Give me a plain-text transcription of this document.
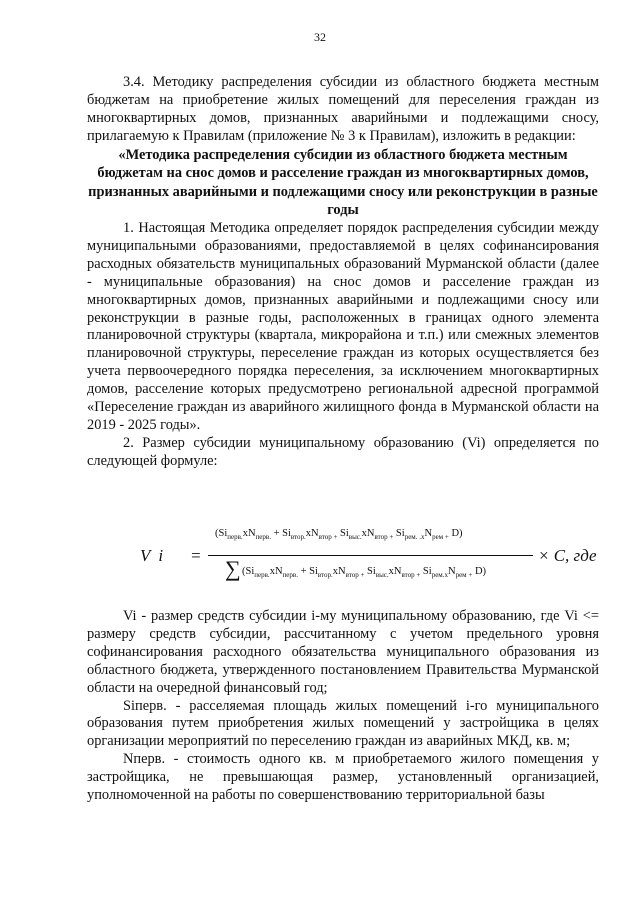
32

3.4. Методику распределения субсидии из областного бюджета местным бюджетам на приобретение жилых помещений для переселения граждан из многоквартирных домов, признанных аварийными и подлежащими сносу, прилагаемую к Правилам (приложение № 3 к Правилам), изложить в редакции:

«Методика распределения субсидии из областного бюджета местным бюджетам на снос домов и расселение граждан из многоквартирных домов, признанных аварийными и подлежащими сносу или реконструкции в разные годы

1. Настоящая Методика определяет порядок распределения субсидии между муниципальными образованиями, предоставляемой в целях софинансирования расходных обязательств муниципальных образований Мурманской области (далее - муниципальные образования) на снос домов и расселение граждан из многоквартирных домов, признанных аварийными и подлежащими сносу или реконструкции в разные годы, расположенных в границах одного элемента планировочной структуры (квартала, микрорайона и т.п.) или смежных элементов планировочной структуры, переселение граждан из которых осуществляется без учета первоочередного порядка переселения, за исключением многоквартирных домов, расселение которых предусмотрено региональной адресной программой «Переселение граждан из аварийного жилищного фонда в Мурманской области на 2019 - 2025 годы».

2. Размер субсидии муниципальному образованию (Vi) определяется по следующей формуле:

V i =
($Si_{перв.}xN_{перв.} + Si_{втор.}xN_{втор +}$ $Si_{выс.}xN_{втор +}$ $Si_{рем. .x}N_{рем +}$ D)
∑ ($Si_{перв.}xN_{перв.} + Si_{втор.}xN_{втор +}$ $Si_{выс.}xN_{втор +}$ $Si_{рем.x}N_{рем +}$ D)
× C, где

Vi - размер средств субсидии i-му муниципальному образованию, где Vi <= размеру средств субсидии, рассчитанному с учетом предельного уровня софинансирования расходного обязательства муниципального образования из областного бюджета, утвержденного постановлением Правительства Мурманской области на очередной финансовый год;

Siперв. - расселяемая площадь жилых помещений i-го муниципального образования путем приобретения жилых помещений у застройщика в целях организации мероприятий по переселению граждан из аварийных МКД, кв. м;

Nперв. - стоимость одного кв. м приобретаемого жилого помещения у застройщика, не превышающая размер, установленный организацией, уполномоченной на работы по совершенствованию территориальной базы
